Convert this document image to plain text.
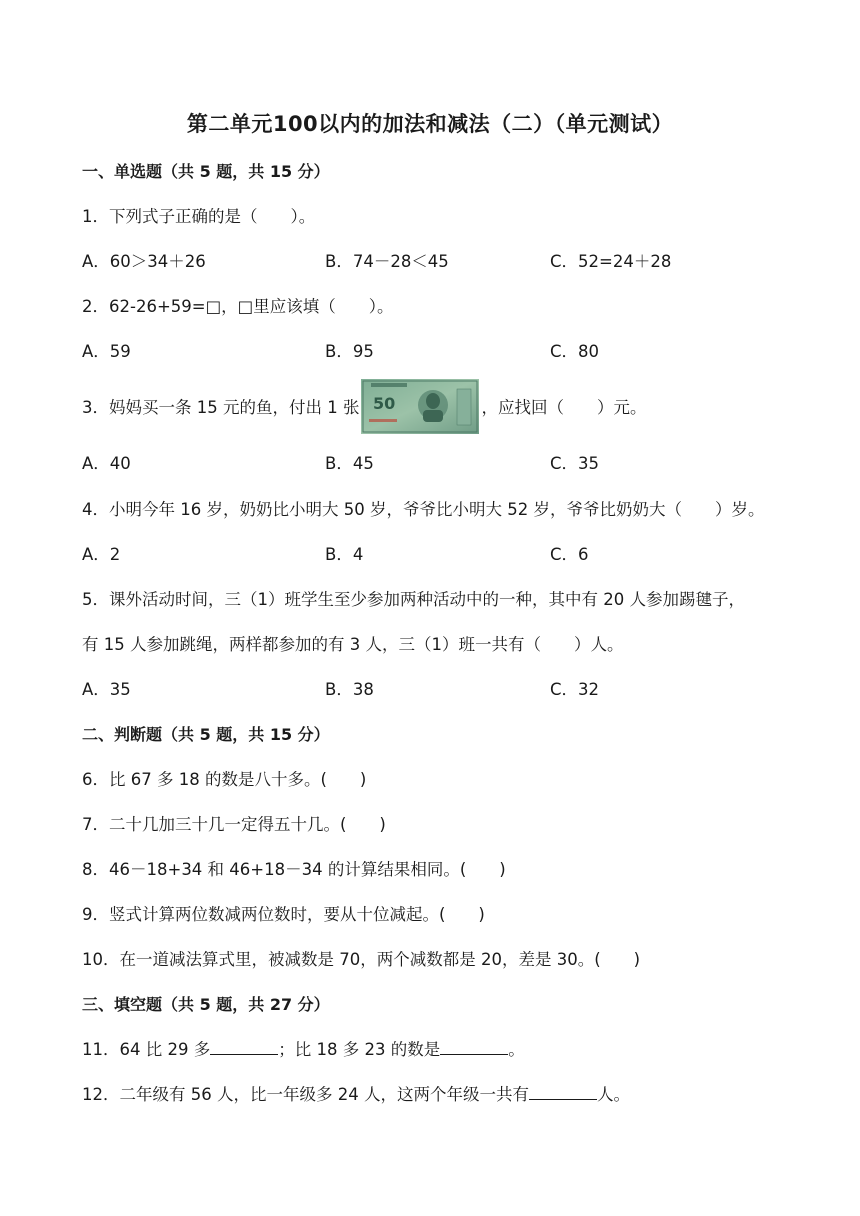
第二单元100以内的加法和减法（二）（单元测试）
一、单选题（共 5 题，共 15 分）
1．下列式子正确的是（　　）。
A．60＞34＋26	B．74－28＜45	C．52=24＋28
2．62-26+59=□，□里应该填（　　）。
A．59	B．95	C．80
3．妈妈买一条 15 元的鱼，付出 1 张 50	，应找回（　　）元。
A．40	B．45	C．35
4．小明今年 16 岁，奶奶比小明大 50 岁，爷爷比小明大 52 岁，爷爷比奶奶大（　　）岁。
A．2	B．4	C．6
5．课外活动时间，三（1）班学生至少参加两种活动中的一种，其中有 20 人参加踢毽子，
有 15 人参加跳绳，两样都参加的有 3 人，三（1）班一共有（　　）人。
A．35	B．38	C．32
二、判断题（共 5 题，共 15 分）
6．比 67 多 18 的数是八十多。(　　)
7．二十几加三十几一定得五十几。(　　)
8．46－18+34 和 46+18－34 的计算结果相同。(　　)
9．竖式计算两位数减两位数时，要从十位减起。(　　)
10．在一道减法算式里，被减数是 70，两个减数都是 20，差是 30。(　　)
三、填空题（共 5 题，共 27 分）
11．64 比 29 多	；比 18 多 23 的数是	。
12．二年级有 56 人，比一年级多 24 人，这两个年级一共有	人。
